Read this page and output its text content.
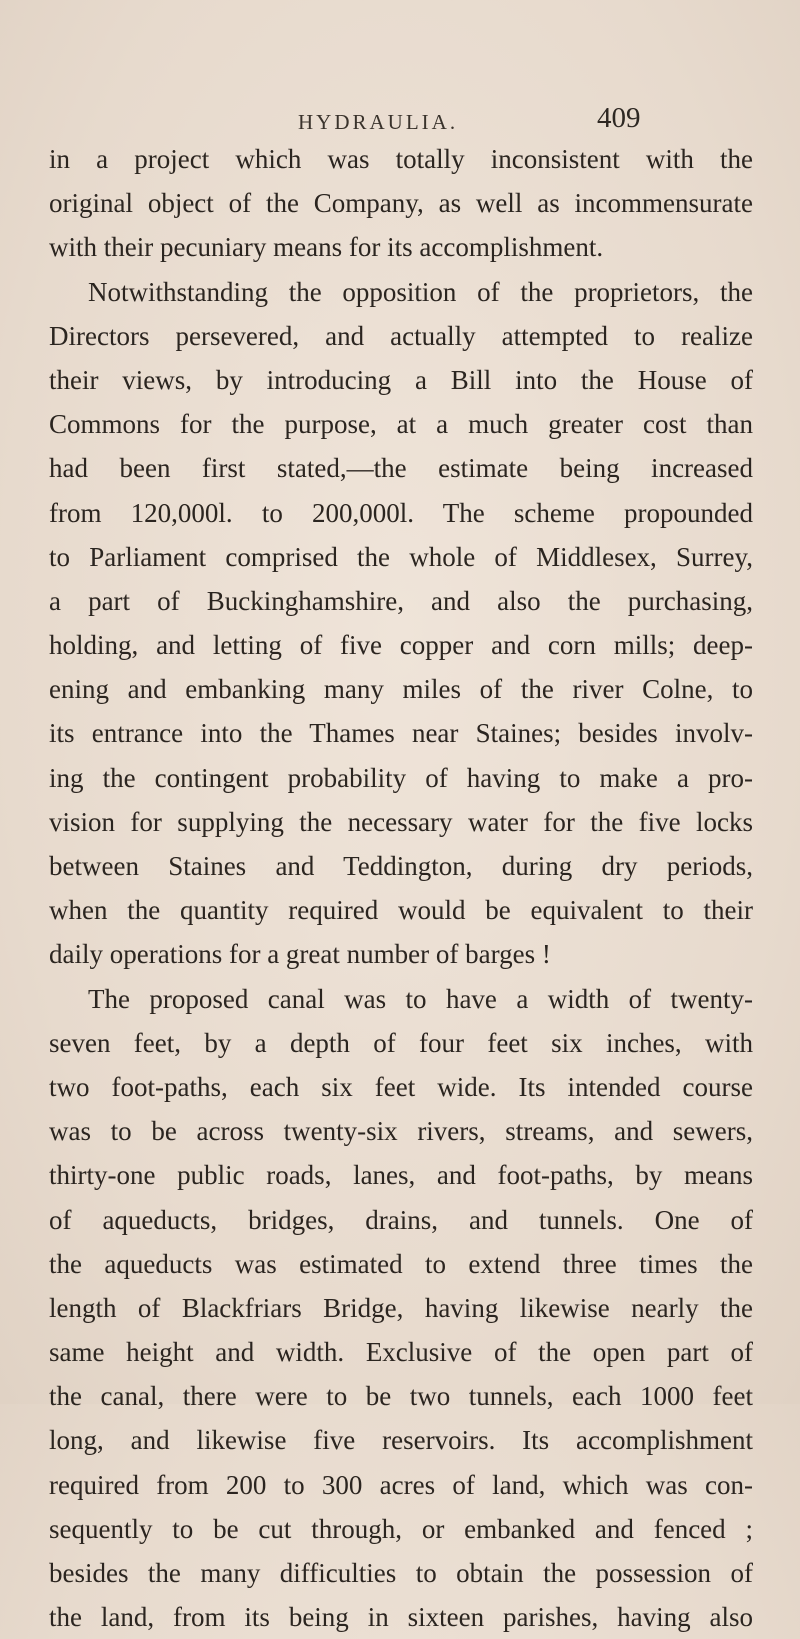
HYDRAULIA.	409
in a project which was totally inconsistent with the
original object of the Company, as well as incommensurate
with their pecuniary means for its accomplishment.
Notwithstanding the opposition of the proprietors, the
Directors persevered, and actually attempted to realize
their views, by introducing a Bill into the House of
Commons for the purpose, at a much greater cost than
had been first stated,—the estimate being increased
from 120,000l. to 200,000l. The scheme propounded
to Parliament comprised the whole of Middlesex, Surrey,
a part of Buckinghamshire, and also the purchasing,
holding, and letting of five copper and corn mills; deep-
ening and embanking many miles of the river Colne, to
its entrance into the Thames near Staines; besides involv-
ing the contingent probability of having to make a pro-
vision for supplying the necessary water for the five locks
between Staines and Teddington, during dry periods,
when the quantity required would be equivalent to their
daily operations for a great number of barges !
The proposed canal was to have a width of twenty-
seven feet, by a depth of four feet six inches, with
two foot-paths, each six feet wide. Its intended course
was to be across twenty-six rivers, streams, and sewers,
thirty-one public roads, lanes, and foot-paths, by means
of aqueducts, bridges, drains, and tunnels. One of
the aqueducts was estimated to extend three times the
length of Blackfriars Bridge, having likewise nearly the
same height and width. Exclusive of the open part of
the canal, there were to be two tunnels, each 1000 feet
long, and likewise five reservoirs. Its accomplishment
required from 200 to 300 acres of land, which was con-
sequently to be cut through, or embanked and fenced ;
besides the many difficulties to obtain the possession of
the land, from its being in sixteen parishes, having also
